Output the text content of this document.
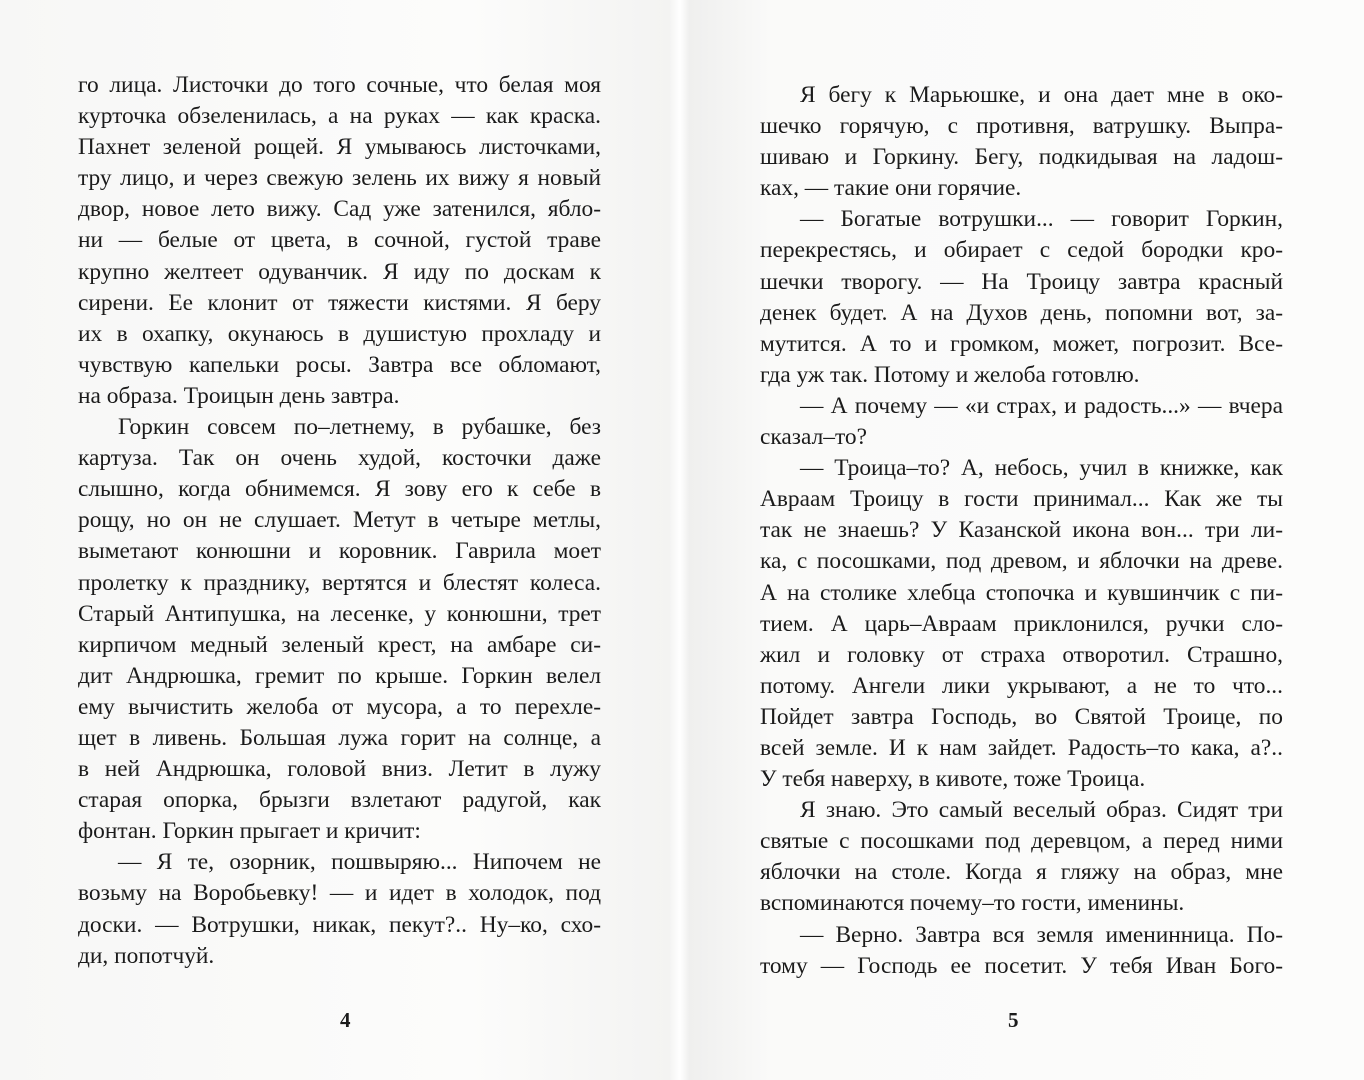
го лица. Листочки до того сочные, что белая моя
курточка обзеленилась, а на руках — как краска.
Пахнет зеленой рощей. Я умываюсь листочками,
тру лицо, и через свежую зелень их вижу я новый
двор, новое лето вижу. Сад уже затенился, ябло-
ни — белые от цвета, в сочной, густой траве
крупно желтеет одуванчик. Я иду по доскам к
сирени. Ее клонит от тяжести кистями. Я беру
их в охапку, окунаюсь в душистую прохладу и
чувствую капельки росы. Завтра все обломают,
на образа. Троицын день завтра.
Горкин совсем по–летнему, в рубашке, без
картуза. Так он очень худой, косточки даже
слышно, когда обнимемся. Я зову его к себе в
рощу, но он не слушает. Метут в четыре метлы,
выметают конюшни и коровник. Гаврила моет
пролетку к празднику, вертятся и блестят колеса.
Старый Антипушка, на лесенке, у конюшни, трет
кирпичом медный зеленый крест, на амбаре си-
дит Андрюшка, гремит по крыше. Горкин велел
ему вычистить желоба от мусора, а то перехле-
щет в ливень. Большая лужа горит на солнце, а
в ней Андрюшка, головой вниз. Летит в лужу
старая опорка, брызги взлетают радугой, как
фонтан. Горкин прыгает и кричит:
— Я те, озорник, пошвыряю... Нипочем не
возьму на Воробьевку! — и идет в холодок, под
доски. — Вотрушки, никак, пекут?.. Ну–ко, схо-
ди, попотчуй.
4
Я бегу к Марьюшке, и она дает мне в око-
шечко горячую, с противня, ватрушку. Выпра-
шиваю и Горкину. Бегу, подкидывая на ладош-
ках, — такие они горячие.
— Богатые вотрушки... — говорит Горкин,
перекрестясь, и обирает с седой бородки кро-
шечки творогу. — На Троицу завтра красный
денек будет. А на Духов день, попомни вот, за-
мутится. А то и громком, может, погрозит. Все-
гда уж так. Потому и желоба готовлю.
— А почему — «и страх, и радость...» — вчера
сказал–то?
— Троица–то? А, небось, учил в книжке, как
Авраам Троицу в гости принимал... Как же ты
так не знаешь? У Казанской икона вон... три ли-
ка, с посошками, под древом, и яблочки на древе.
А на столике хлебца стопочка и кувшинчик с пи-
тием. А царь–Авраам приклонился, ручки сло-
жил и головку от страха отворотил. Страшно,
потому. Ангели лики укрывают, а не то что...
Пойдет завтра Господь, во Святой Троице, по
всей земле. И к нам зайдет. Радость–то кака, а?..
У тебя наверху, в кивоте, тоже Троица.
Я знаю. Это самый веселый образ. Сидят три
святые с посошками под деревцом, а перед ними
яблочки на столе. Когда я гляжу на образ, мне
вспоминаются почему–то гости, именины.
— Верно. Завтра вся земля именинница. По-
тому — Господь ее посетит. У тебя Иван Бого-
5
